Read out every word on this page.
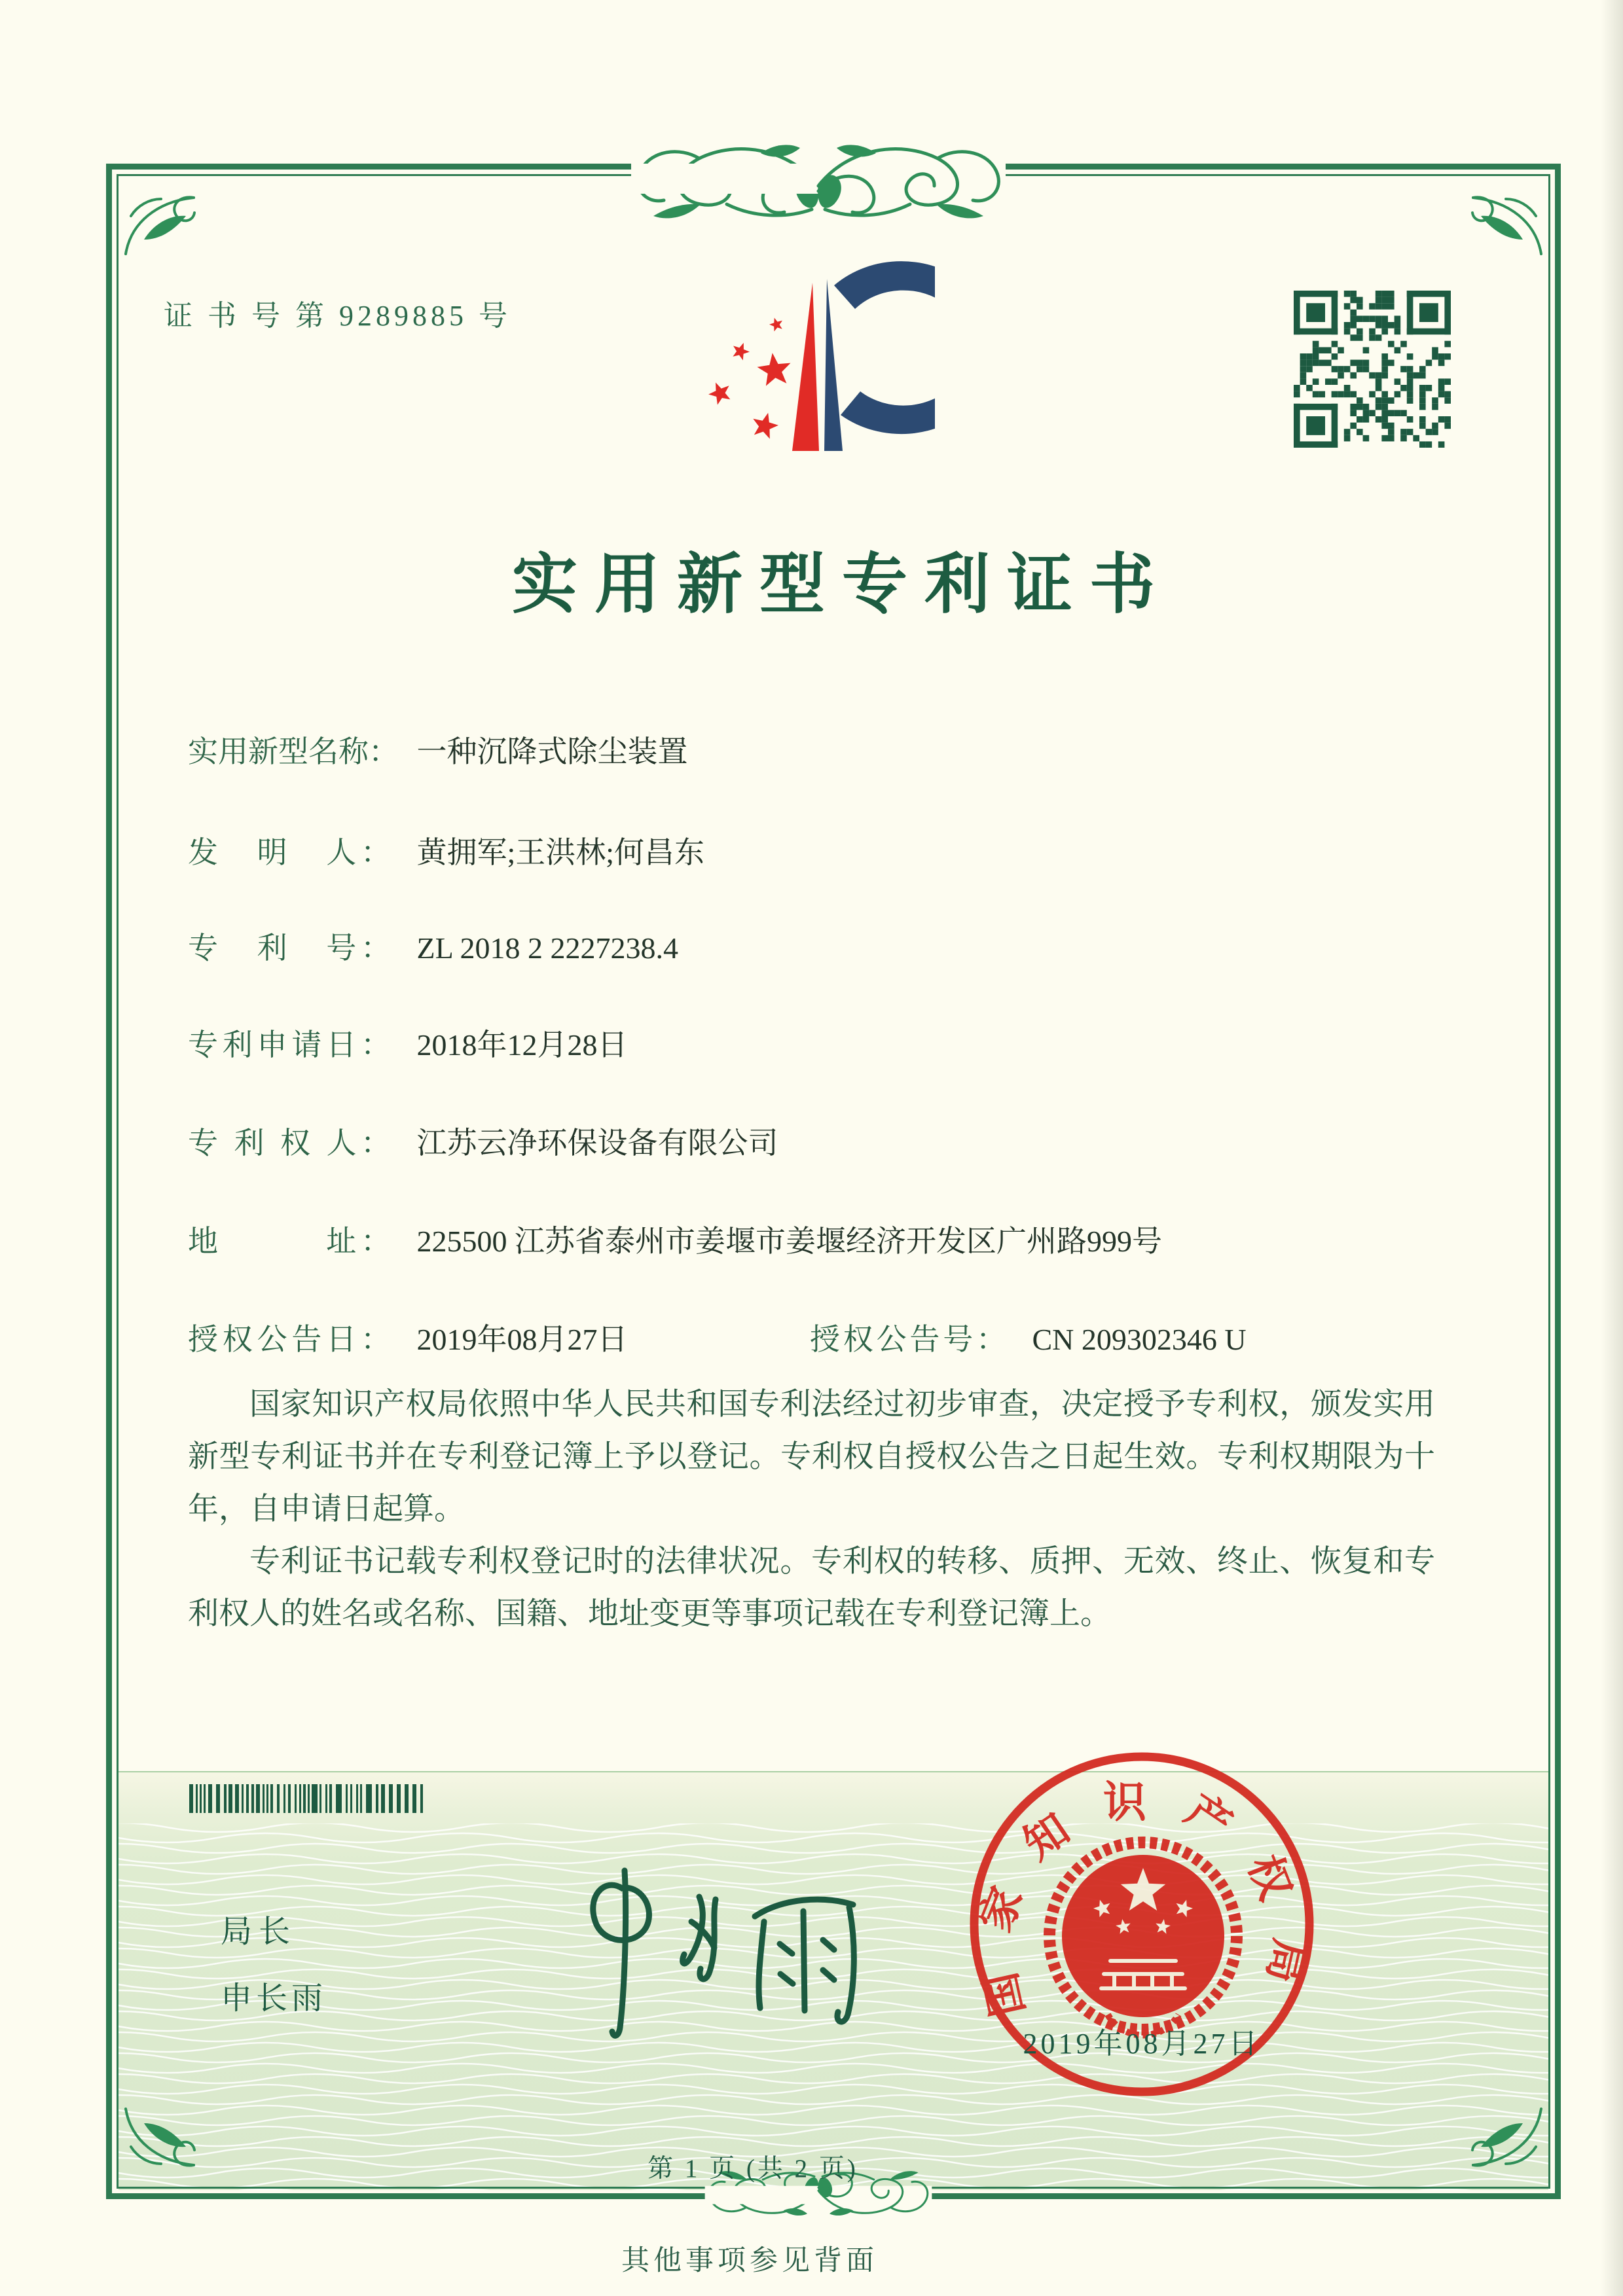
证 书 号 第 9289885 号
实用新型专利证书
实用新型名称： 一种沉降式除尘装置
发　明　人： 黄拥军;王洪林;何昌东
专　利　号： ZL 2018 2 2227238.4
专利申请日： 2018年12月28日
专 利 权 人： 江苏云净环保设备有限公司
地　　　址： 225500 江苏省泰州市姜堰市姜堰经济开发区广州路999号
授权公告日： 2019年08月27日	授权公告号： CN 209302346 U

国家知识产权局依照中华人民共和国专利法经过初步审查，决定授予专利权，颁发实用新型专利证书并在专利登记簿上予以登记。专利权自授权公告之日起生效。专利权期限为十年，自申请日起算。

专利证书记载专利权登记时的法律状况。专利权的转移、质押、无效、终止、恢复和专利权人的姓名或名称、国籍、地址变更等事项记载在专利登记簿上。

局长
申长雨	国家知识产权局
2019年08月27日
第 1 页 (共 2 页)
其他事项参见背面
